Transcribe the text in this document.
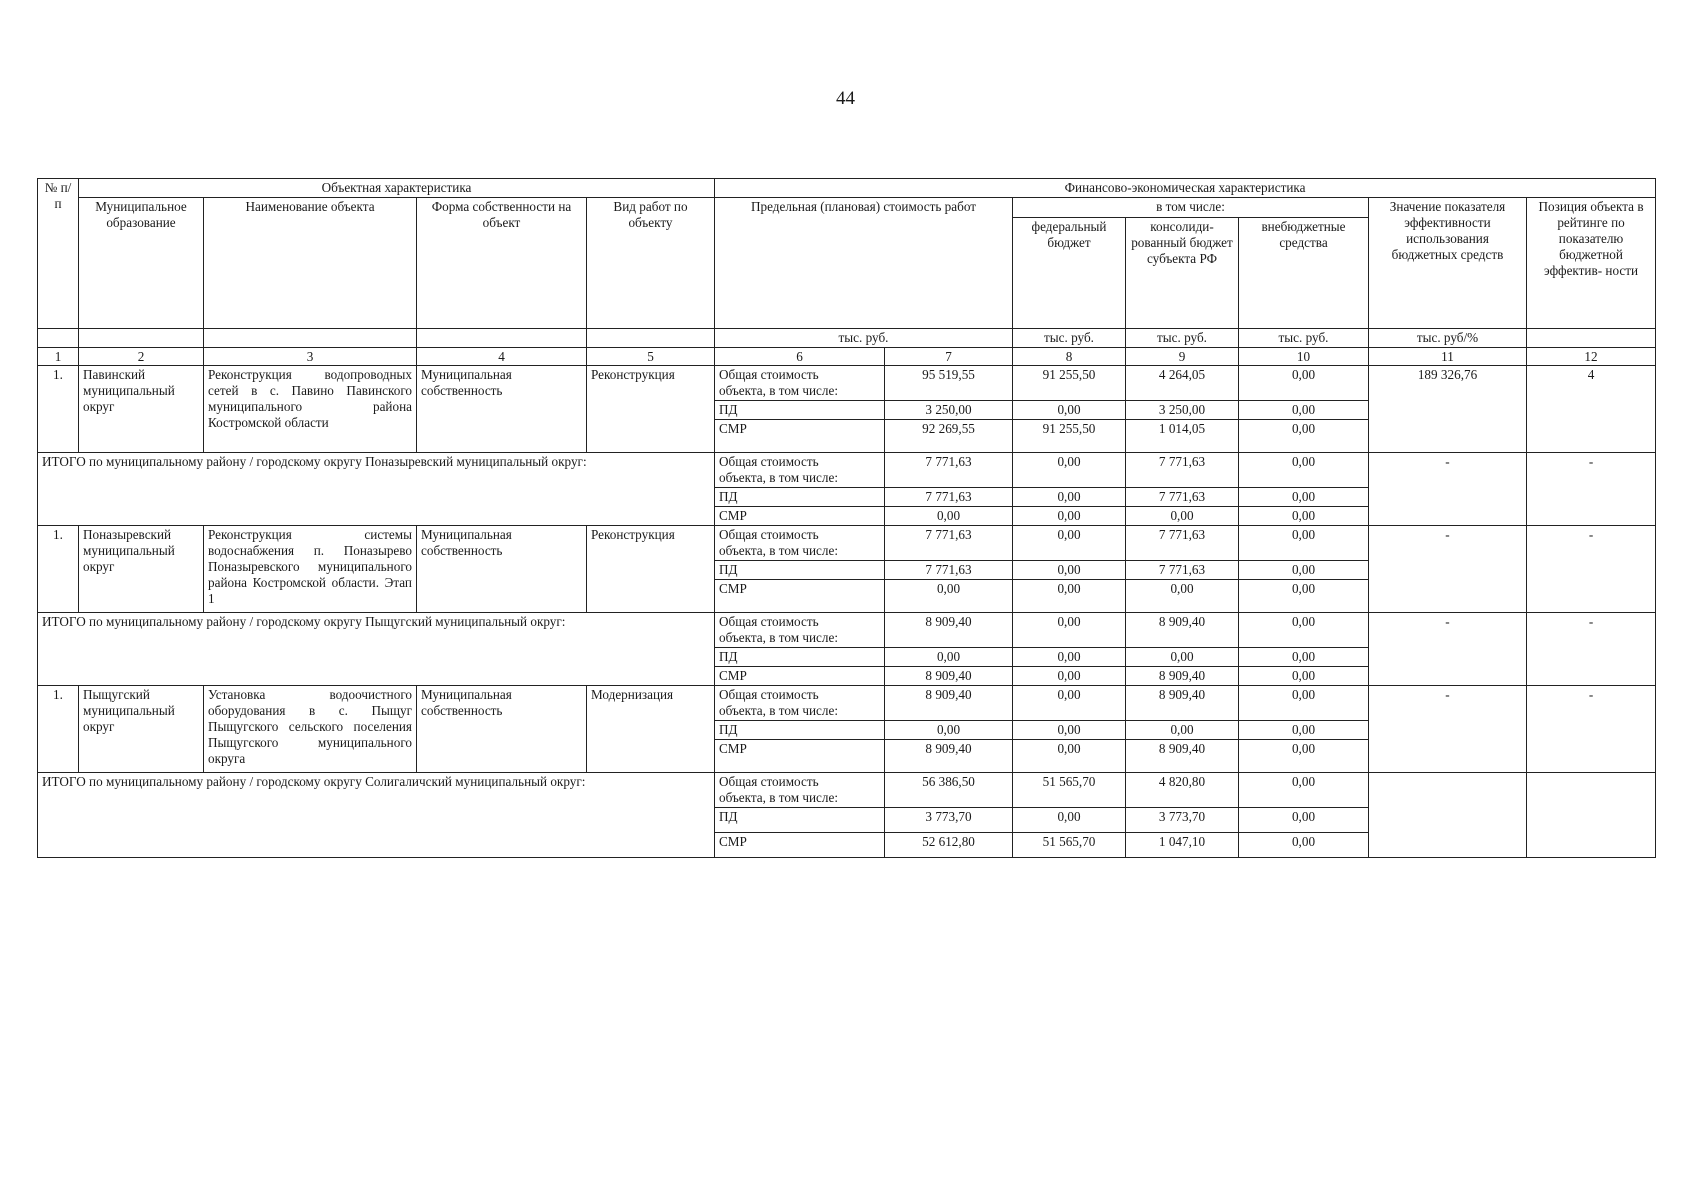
44
№ п/п	Объектная характеристика				Финансово-экономическая характеристика						
	Муниципальное образование	Наименование объекта	Форма собственности на объект	Вид работ по объекту	Предельная (плановая) стоимость работ		в том числе:			Значение показателя эффективности использования бюджетных средств	Позиция объекта в рейтинге по показателю бюджетной эффектив- ности
							федеральный бюджет	консолиди- рованный бюджет субъекта РФ	внебюджетные средства		
					тыс. руб.		тыс. руб.	тыс. руб.	тыс. руб.	тыс. руб/%	
1	2	3	4	5	6	7	8	9	10	11	12
1.	Павинский муниципальный округ	Реконструкция водопроводных сетей в с. Павино Павинского муниципального района Костромской области	Муниципальная собственность	Реконструкция	Общая стоимость
объекта, в том числе:	95 519,55	91 255,50	4 264,05	0,00	189 326,76	4
					ПД	3 250,00	0,00	3 250,00	0,00		
					СМР	92 269,55	91 255,50	1 014,05	0,00		
ИТОГО по муниципальному району / городскому округу Поназыревский муниципальный округ:					Общая стоимость
объекта, в том числе:	7 771,63	0,00	7 771,63	0,00	-	-
					ПД	7 771,63	0,00	7 771,63	0,00		
					СМР	0,00	0,00	0,00	0,00		
1.	Поназыревский муниципальный округ	Реконструкция системы водоснабжения п. Поназырево Поназыревского муниципального района Костромской области. Этап 1	Муниципальная собственность	Реконструкция	Общая стоимость
объекта, в том числе:	7 771,63	0,00	7 771,63	0,00	-	-
					ПД	7 771,63	0,00	7 771,63	0,00		
					СМР	0,00	0,00	0,00	0,00		
ИТОГО по муниципальному району / городскому округу Пыщугский муниципальный округ:					Общая стоимость
объекта, в том числе:	8 909,40	0,00	8 909,40	0,00	-	-
					ПД	0,00	0,00	0,00	0,00		
					СМР	8 909,40	0,00	8 909,40	0,00		
1.	Пыщугский муниципальный округ	Установка водоочистного оборудования в с. Пыщуг Пыщугского сельского поселения Пыщугского муниципального округа	Муниципальная собственность	Модернизация	Общая стоимость
объекта, в том числе:	8 909,40	0,00	8 909,40	0,00	-	-
					ПД	0,00	0,00	0,00	0,00		
					СМР	8 909,40	0,00	8 909,40	0,00		
ИТОГО по муниципальному району / городскому округу Солигаличский муниципальный округ:					Общая стоимость
объекта, в том числе:	56 386,50	51 565,70	4 820,80	0,00		
					ПД	3 773,70	0,00	3 773,70	0,00		
					СМР	52 612,80	51 565,70	1 047,10	0,00		
